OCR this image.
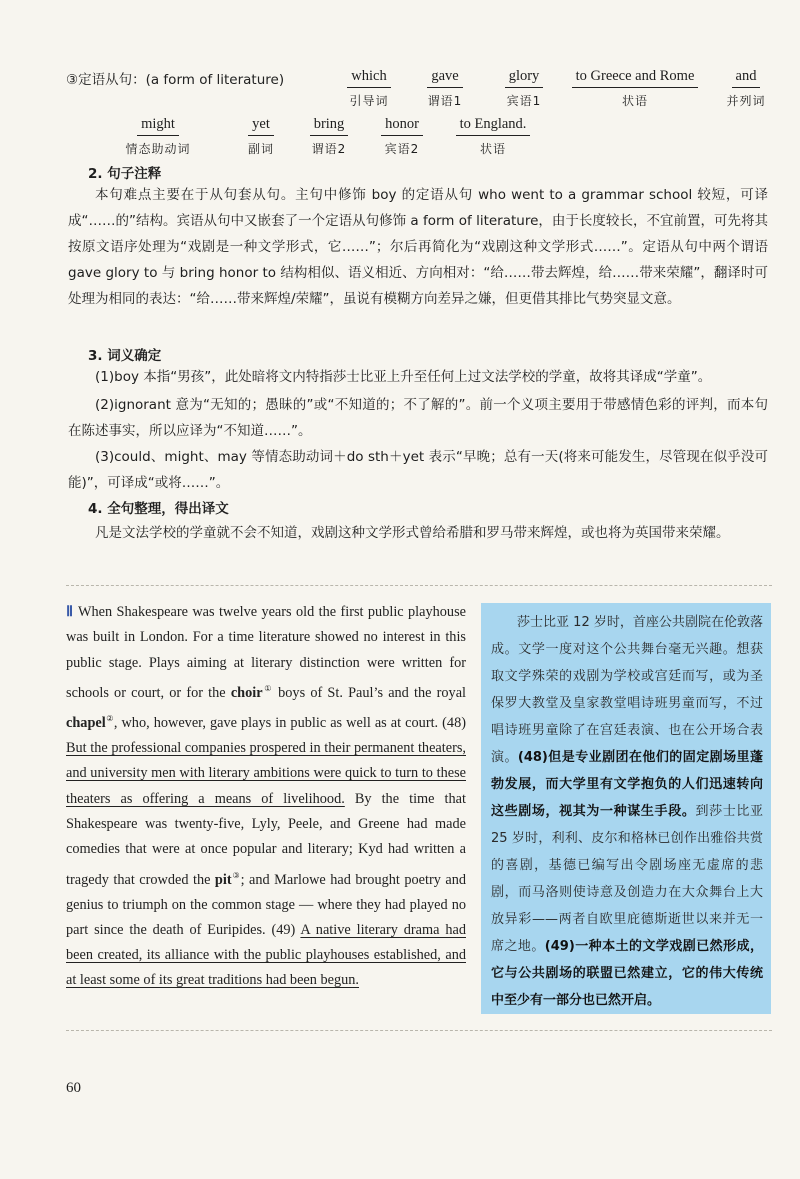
③定语从句：(a form of literature)	which
引导词
gave
谓语1
glory
宾语1
to Greece and Rome
状语
and
并列词
might
情态助动词
yet
副词
bring
谓语2
honor
宾语2
to England.
状语
2. 句子注释
本句难点主要在于从句套从句。主句中修饰 boy 的定语从句 who went to a grammar school 较短，可译成“……的”结构。宾语从句中又嵌套了一个定语从句修饰 a form of literature，由于长度较长，不宜前置，可先将其按原文语序处理为“戏剧是一种文学形式，它……”；尔后再简化为“戏剧这种文学形式……”。定语从句中两个谓语 gave glory to 与 bring honor to 结构相似、语义相近、方向相对：“给……带去辉煌，给……带来荣耀”，翻译时可处理为相同的表达：“给……带来辉煌/荣耀”，虽说有模糊方向差异之嫌，但更借其排比气势突显文意。
3. 词义确定
(1)boy 本指“男孩”，此处暗将文内特指莎士比亚上升至任何上过文法学校的学童，故将其译成“学童”。
(2)ignorant 意为“无知的；愚昧的”或“不知道的；不了解的”。前一个义项主要用于带感情色彩的评判，而本句在陈述事实，所以应译为“不知道……”。
(3)could、might、may 等情态助动词＋do sth＋yet 表示“早晚；总有一天(将来可能发生，尽管现在似乎没可能)”，可译成“或将……”。
4. 全句整理，得出译文
凡是文法学校的学童就不会不知道，戏剧这种文学形式曾给希腊和罗马带来辉煌，或也将为英国带来荣耀。
Ⅱ When Shakespeare was twelve years old the first public playhouse was built in London. For a time literature showed no interest in this public stage. Plays aiming at literary distinction were written for schools or court, or for the choir① boys of St. Paul’s and the royal chapel②, who, however, gave plays in public as well as at court. (48) But the professional companies prospered in their permanent theaters, and university men with literary ambitions were quick to turn to these theaters as offering a means of livelihood. By the time that Shakespeare was twenty-five, Lyly, Peele, and Greene had made comedies that were at once popular and literary; Kyd had written a tragedy that crowded the pit③; and Marlowe had brought poetry and genius to triumph on the common stage — where they had played no part since the death of Euripides. (49) A native literary drama had been created, its alliance with the public playhouses established, and at least some of its great traditions had been begun.
莎士比亚 12 岁时，首座公共剧院在伦敦落成。文学一度对这个公共舞台毫无兴趣。想获取文学殊荣的戏剧为学校或宫廷而写，或为圣保罗大教堂及皇家教堂唱诗班男童而写，不过唱诗班男童除了在宫廷表演、也在公开场合表演。(48)但是专业剧团在他们的固定剧场里蓬勃发展，而大学里有文学抱负的人们迅速转向这些剧场，视其为一种谋生手段。到莎士比亚 25 岁时，利利、皮尔和格林已创作出雅俗共赏的喜剧，基德已编写出令剧场座无虚席的悲剧，而马洛则使诗意及创造力在大众舞台上大放异彩——两者自欧里庇德斯逝世以来并无一席之地。(49)一种本土的文学戏剧已然形成，它与公共剧场的联盟已然建立，它的伟大传统中至少有一部分也已然开启。
60
